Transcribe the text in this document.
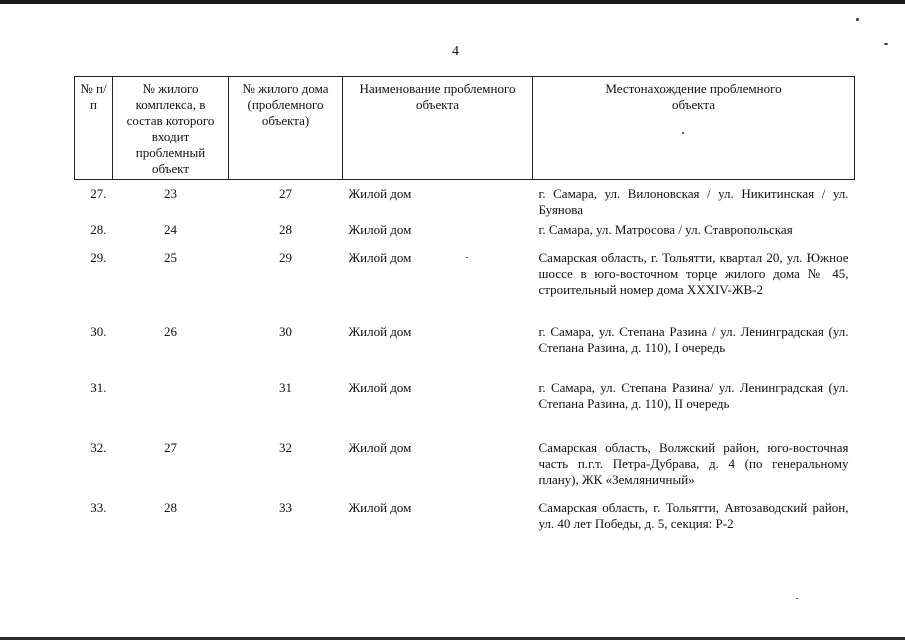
4
№ п/п	№ жилого комплекса, в состав которого входит проблемный объект	№ жилого дома (проблемного объекта)	Наименование проблемного объекта	Местонахождение проблемного объекта
27.	23	27	Жилой дом	г. Самара, ул. Вилоновская / ул. Никитинская / ул. Буянова
28.	24	28	Жилой дом	г. Самара, ул. Матросова / ул. Ставропольская
29.	25	29	Жилой дом	Самарская область, г. Тольятти, квартал 20, ул. Южное шоссе в юго-восточном торце жилого дома № 45, строительный номер дома XXXIV-ЖВ-2
30.	26	30	Жилой дом	г. Самара, ул. Степана Разина / ул. Ленинградская (ул. Степана Разина, д. 110), I очередь
31.		31	Жилой дом	г. Самара, ул. Степана Разина/ ул. Ленинградская (ул. Степана Разина, д. 110), II очередь
32.	27	32	Жилой дом	Самарская область, Волжский район, юго-восточная часть п.г.т. Петра-Дубрава, д. 4 (по генеральному плану), ЖК «Земляничный»
33.	28	33	Жилой дом	Самарская область, г. Тольятти, Автозаводский район, ул. 40 лет Победы, д. 5, секция: Р-2
